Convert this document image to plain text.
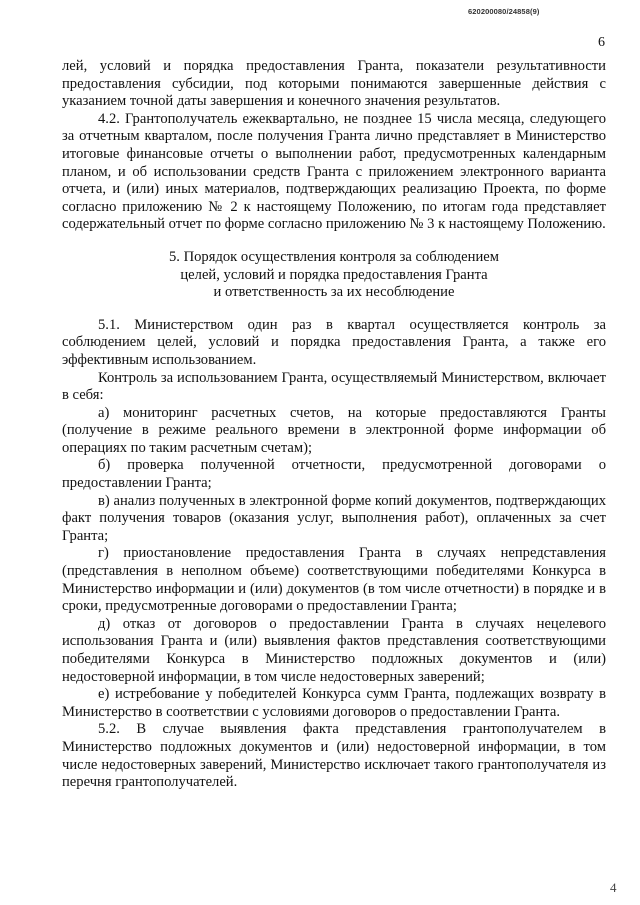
620200080/24858(9)
6

лей, условий и порядка предоставления Гранта, показатели результативности предоставления субсидии, под которыми понимаются завершенные действия с указанием точной даты завершения и конечного значения результатов.

4.2. Грантополучатель ежеквартально, не позднее 15 числа месяца, следующего за отчетным кварталом, после получения Гранта лично представляет в Министерство итоговые финансовые отчеты о выполнении работ, предусмотренных календарным планом, и об использовании средств Гранта с приложением электронного варианта отчета, и (или) иных материалов, подтверждающих реализацию Проекта, по форме согласно приложению № 2 к настоящему Положению, по итогам года представляет содержательный отчет по форме согласно приложению № 3 к настоящему Положению.

5. Порядок осуществления контроля за соблюдением
целей, условий и порядка предоставления Гранта
и ответственность за их несоблюдение

5.1. Министерством один раз в квартал осуществляется контроль за соблюдением целей, условий и порядка предоставления Гранта, а также его эффективным использованием.

Контроль за использованием Гранта, осуществляемый Министерством, включает в себя:

а) мониторинг расчетных счетов, на которые предоставляются Гранты (получение в режиме реального времени в электронной форме информации об операциях по таким расчетным счетам);

б) проверка полученной отчетности, предусмотренной договорами о предоставлении Гранта;

в) анализ полученных в электронной форме копий документов, подтверждающих факт получения товаров (оказания услуг, выполнения работ), оплаченных за счет Гранта;

г) приостановление предоставления Гранта в случаях непредставления (представления в неполном объеме) соответствующими победителями Конкурса в Министерство информации и (или) документов (в том числе отчетности) в порядке и в сроки, предусмотренные договорами о предоставлении Гранта;

д) отказ от договоров о предоставлении Гранта в случаях нецелевого использования Гранта и (или) выявления фактов представления соответствующими победителями Конкурса в Министерство подложных документов и (или) недостоверной информации, в том числе недостоверных заверений;

е) истребование у победителей Конкурса сумм Гранта, подлежащих возврату в Министерство в соответствии с условиями договоров о предоставлении Гранта.

5.2. В случае выявления факта представления грантополучателем в Министерство подложных документов и (или) недостоверной информации, в том числе недостоверных заверений, Министерство исключает такого грантополучателя из перечня грантополучателей.

4
